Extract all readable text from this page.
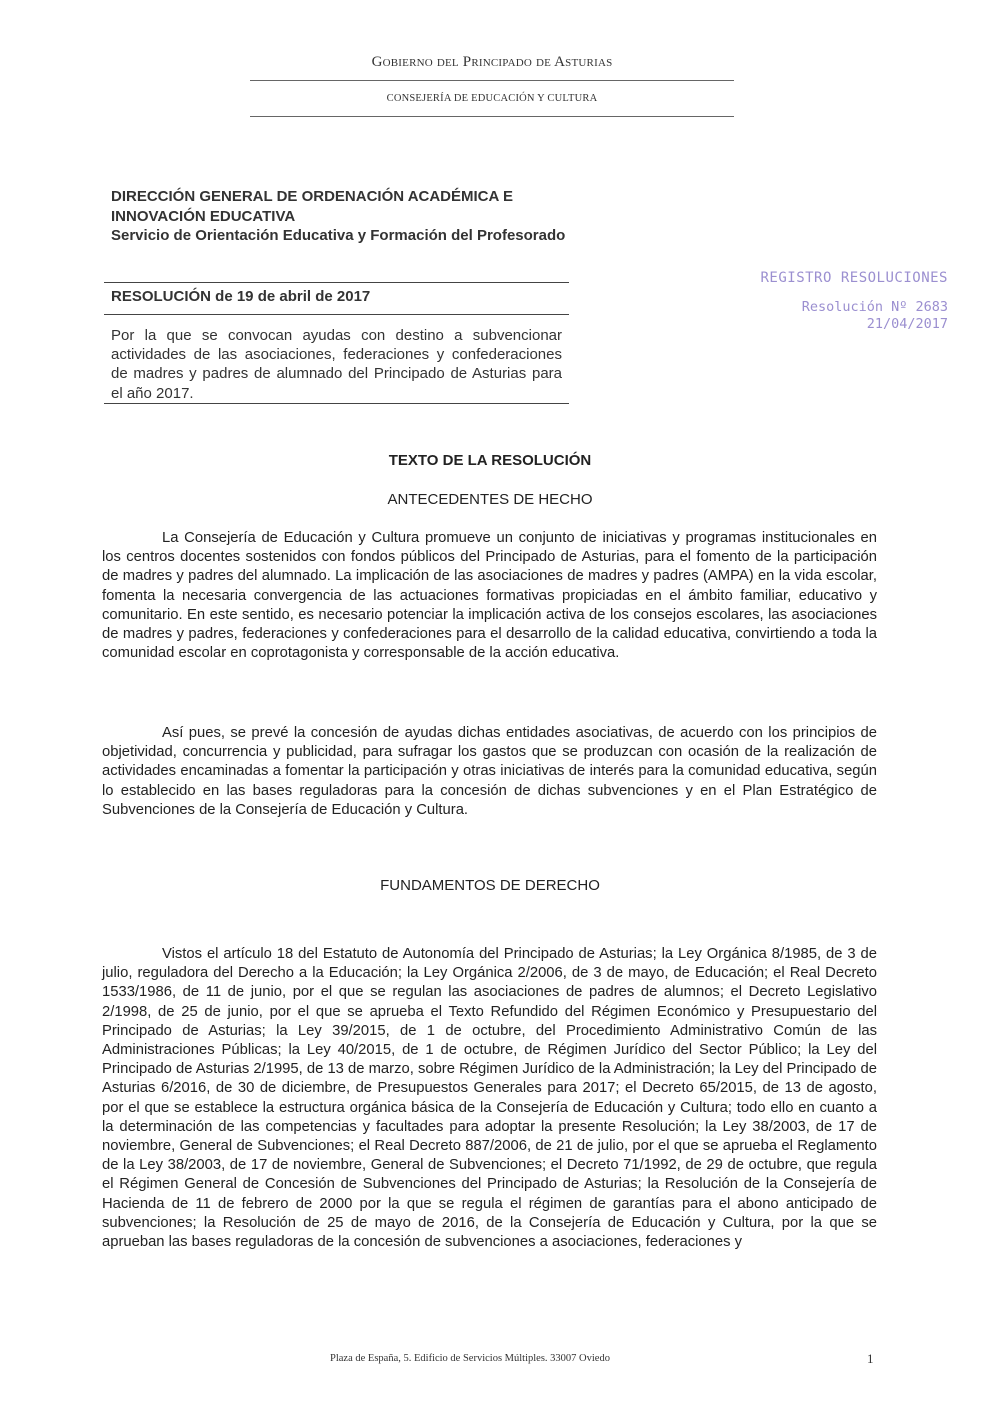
Gobierno del Principado de Asturias
CONSEJERÍA DE EDUCACIÓN Y CULTURA
DIRECCIÓN GENERAL DE ORDENACIÓN ACADÉMICA E INNOVACIÓN EDUCATIVA
Servicio de Orientación Educativa y Formación del Profesorado
RESOLUCIÓN de 19 de abril de 2017
Por la que se convocan ayudas con destino a subvencionar actividades de las asociaciones, federaciones y confederaciones de madres y padres de alumnado del Principado de Asturias para el año 2017.
REGISTRO RESOLUCIONES
Resolución Nº 2683
21/04/2017
TEXTO DE LA RESOLUCIÓN
ANTECEDENTES DE HECHO
La Consejería de Educación y Cultura promueve un conjunto de iniciativas y programas institucionales en los centros docentes sostenidos con fondos públicos del Principado de Asturias, para el fomento de la participación de madres y padres del alumnado. La implicación de las asociaciones de madres y padres (AMPA) en la vida escolar, fomenta la necesaria convergencia de las actuaciones formativas propiciadas en el ámbito familiar, educativo y comunitario. En este sentido, es necesario potenciar la implicación activa de los consejos escolares, las asociaciones de madres y padres, federaciones y confederaciones para el desarrollo de la calidad educativa, convirtiendo a toda la comunidad escolar en coprotagonista y corresponsable de la acción educativa.
Así pues, se prevé la concesión de ayudas dichas entidades asociativas, de acuerdo con los principios de objetividad, concurrencia y publicidad, para sufragar los gastos que se produzcan con ocasión de la realización de actividades encaminadas a fomentar la participación y otras iniciativas de interés para la comunidad educativa, según lo establecido en las bases reguladoras para la concesión de dichas subvenciones y en el Plan Estratégico de Subvenciones de la Consejería de Educación y Cultura.
FUNDAMENTOS DE DERECHO
Vistos el artículo 18 del Estatuto de Autonomía del Principado de Asturias; la Ley Orgánica 8/1985, de 3 de julio, reguladora del Derecho a la Educación; la Ley Orgánica 2/2006, de 3 de mayo, de Educación; el Real Decreto 1533/1986, de 11 de junio, por el que se regulan las asociaciones de padres de alumnos; el Decreto Legislativo 2/1998, de 25 de junio, por el que se aprueba el Texto Refundido del Régimen Económico y Presupuestario del Principado de Asturias; la Ley 39/2015, de 1 de octubre, del Procedimiento Administrativo Común de las Administraciones Públicas; la Ley 40/2015, de 1 de octubre, de Régimen Jurídico del Sector Público; la Ley del Principado de Asturias 2/1995, de 13 de marzo, sobre Régimen Jurídico de la Administración; la Ley del Principado de Asturias 6/2016, de 30 de diciembre, de Presupuestos Generales para 2017; el Decreto 65/2015, de 13 de agosto, por el que se establece la estructura orgánica básica de la Consejería de Educación y Cultura; todo ello en cuanto a la determinación de las competencias y facultades para adoptar la presente Resolución; la Ley 38/2003, de 17 de noviembre, General de Subvenciones; el Real Decreto 887/2006, de 21 de julio, por el que se aprueba el Reglamento de la Ley 38/2003, de 17 de noviembre, General de Subvenciones; el Decreto 71/1992, de 29 de octubre, que regula el Régimen General de Concesión de Subvenciones del Principado de Asturias; la Resolución de la Consejería de Hacienda de 11 de febrero de 2000 por la que se regula el régimen de garantías para el abono anticipado de subvenciones; la Resolución de 25 de mayo de 2016, de la Consejería de Educación y Cultura, por la que se aprueban las bases reguladoras de la concesión de subvenciones a asociaciones, federaciones y
Plaza de España, 5. Edificio de Servicios Múltiples. 33007 Oviedo	1
